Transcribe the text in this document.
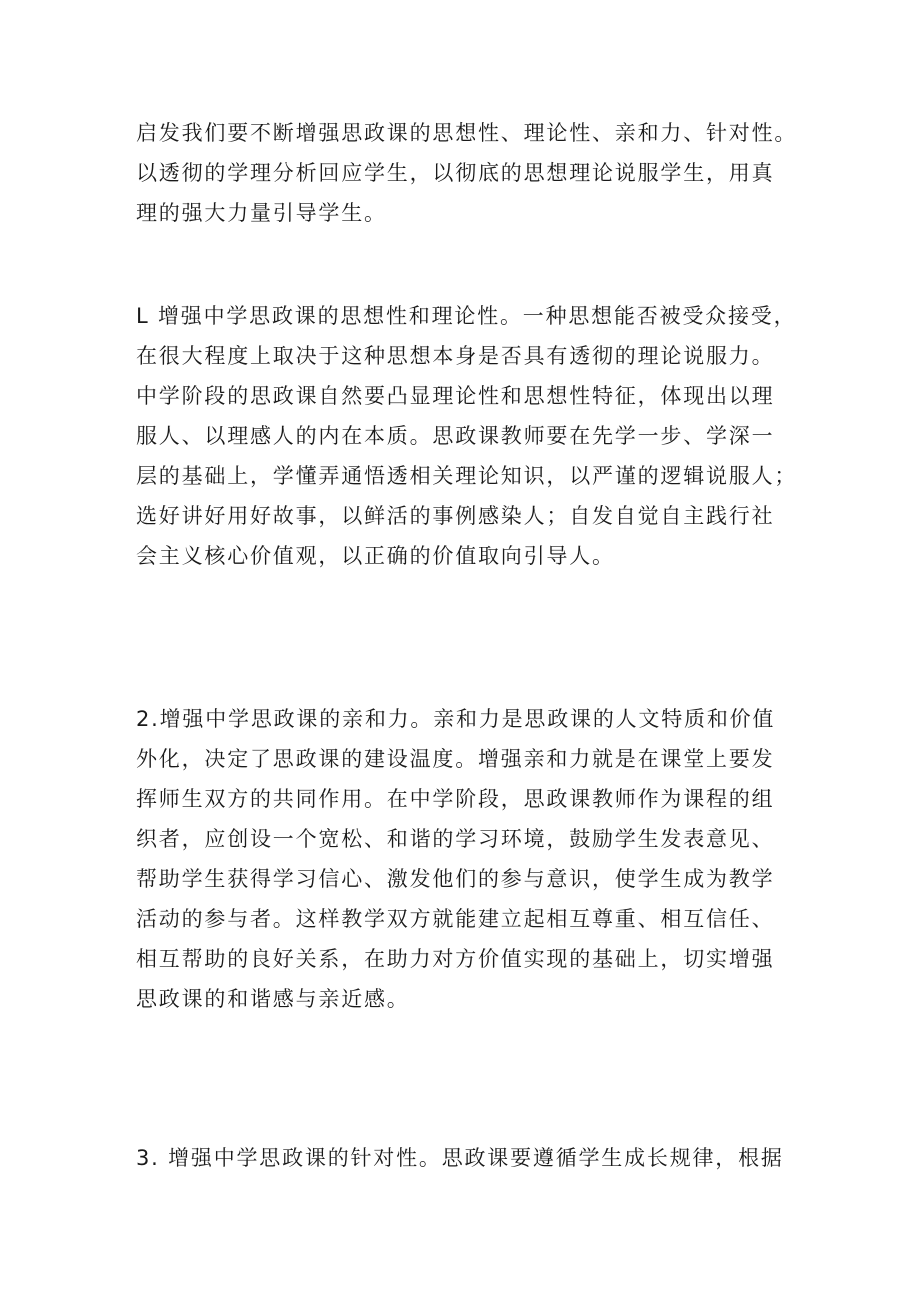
启发我们要不断增强思政课的思想性、理论性、亲和力、针对性。
以透彻的学理分析回应学生，以彻底的思想理论说服学生，用真
理的强大力量引导学生。

L 增强中学思政课的思想性和理论性。一种思想能否被受众接受，
在很大程度上取决于这种思想本身是否具有透彻的理论说服力。
中学阶段的思政课自然要凸显理论性和思想性特征，体现出以理
服人、以理感人的内在本质。思政课教师要在先学一步、学深一
层的基础上，学懂弄通悟透相关理论知识，以严谨的逻辑说服人；
选好讲好用好故事，以鲜活的事例感染人；自发自觉自主践行社
会主义核心价值观，以正确的价值取向引导人。

2.增强中学思政课的亲和力。亲和力是思政课的人文特质和价值
外化，决定了思政课的建设温度。增强亲和力就是在课堂上要发
挥师生双方的共同作用。在中学阶段，思政课教师作为课程的组
织者，应创设一个宽松、和谐的学习环境，鼓励学生发表意见、
帮助学生获得学习信心、激发他们的参与意识，使学生成为教学
活动的参与者。这样教学双方就能建立起相互尊重、相互信任、
相互帮助的良好关系，在助力对方价值实现的基础上，切实增强
思政课的和谐感与亲近感。

3. 增强中学思政课的针对性。思政课要遵循学生成长规律，根据
